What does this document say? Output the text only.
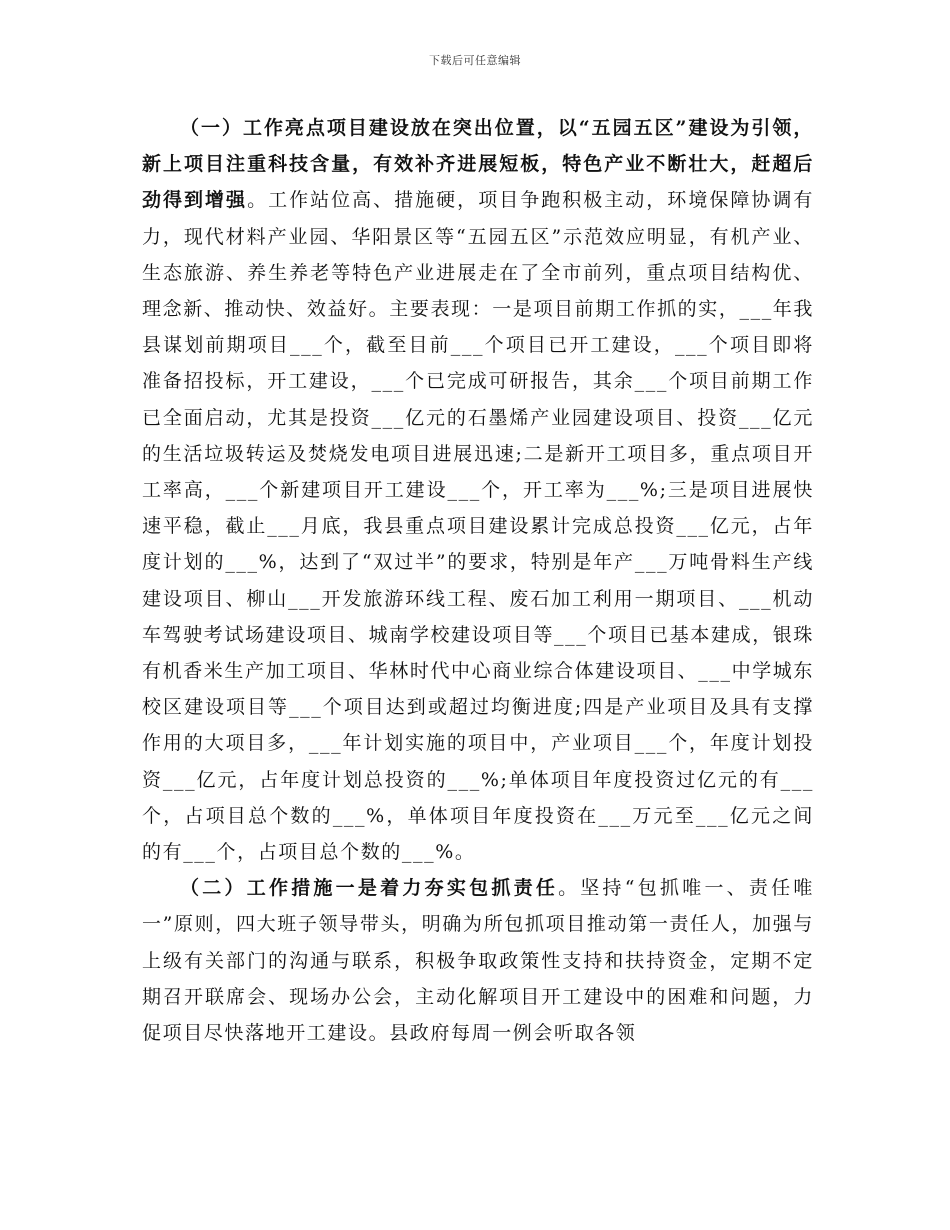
下载后可任意编辑

（一）工作亮点项目建设放在突出位置，以“五园五区”建设为引领，新上项目注重科技含量，有效补齐进展短板，特色产业不断壮大，赶超后劲得到增强。工作站位高、措施硬，项目争跑积极主动，环境保障协调有力，现代材料产业园、华阳景区等“五园五区”示范效应明显，有机产业、生态旅游、养生养老等特色产业进展走在了全市前列，重点项目结构优、理念新、推动快、效益好。主要表现：一是项目前期工作抓的实，___年我县谋划前期项目___个，截至目前___个项目已开工建设，___个项目即将准备招投标，开工建设，___个已完成可研报告，其余___个项目前期工作已全面启动，尤其是投资___亿元的石墨烯产业园建设项目、投资___亿元的生活垃圾转运及焚烧发电项目进展迅速;二是新开工项目多，重点项目开工率高，___个新建项目开工建设___个，开工率为___%;三是项目进展快速平稳，截止___月底，我县重点项目建设累计完成总投资___亿元，占年度计划的___%，达到了“双过半”的要求，特别是年产___万吨骨料生产线建设项目、柳山___开发旅游环线工程、废石加工利用一期项目、___机动车驾驶考试场建设项目、城南学校建设项目等___个项目已基本建成，银珠有机香米生产加工项目、华林时代中心商业综合体建设项目、___中学城东校区建设项目等___个项目达到或超过均衡进度;四是产业项目及具有支撑作用的大项目多，___年计划实施的项目中，产业项目___个，年度计划投资___亿元，占年度计划总投资的___%;单体项目年度投资过亿元的有___个，占项目总个数的___%，单体项目年度投资在___万元至___亿元之间的有___个，占项目总个数的___%。

（二）工作措施一是着力夯实包抓责任。坚持“包抓唯一、责任唯一”原则，四大班子领导带头，明确为所包抓项目推动第一责任人，加强与上级有关部门的沟通与联系，积极争取政策性支持和扶持资金，定期不定期召开联席会、现场办公会，主动化解项目开工建设中的困难和问题，力促项目尽快落地开工建设。县政府每周一例会听取各领
